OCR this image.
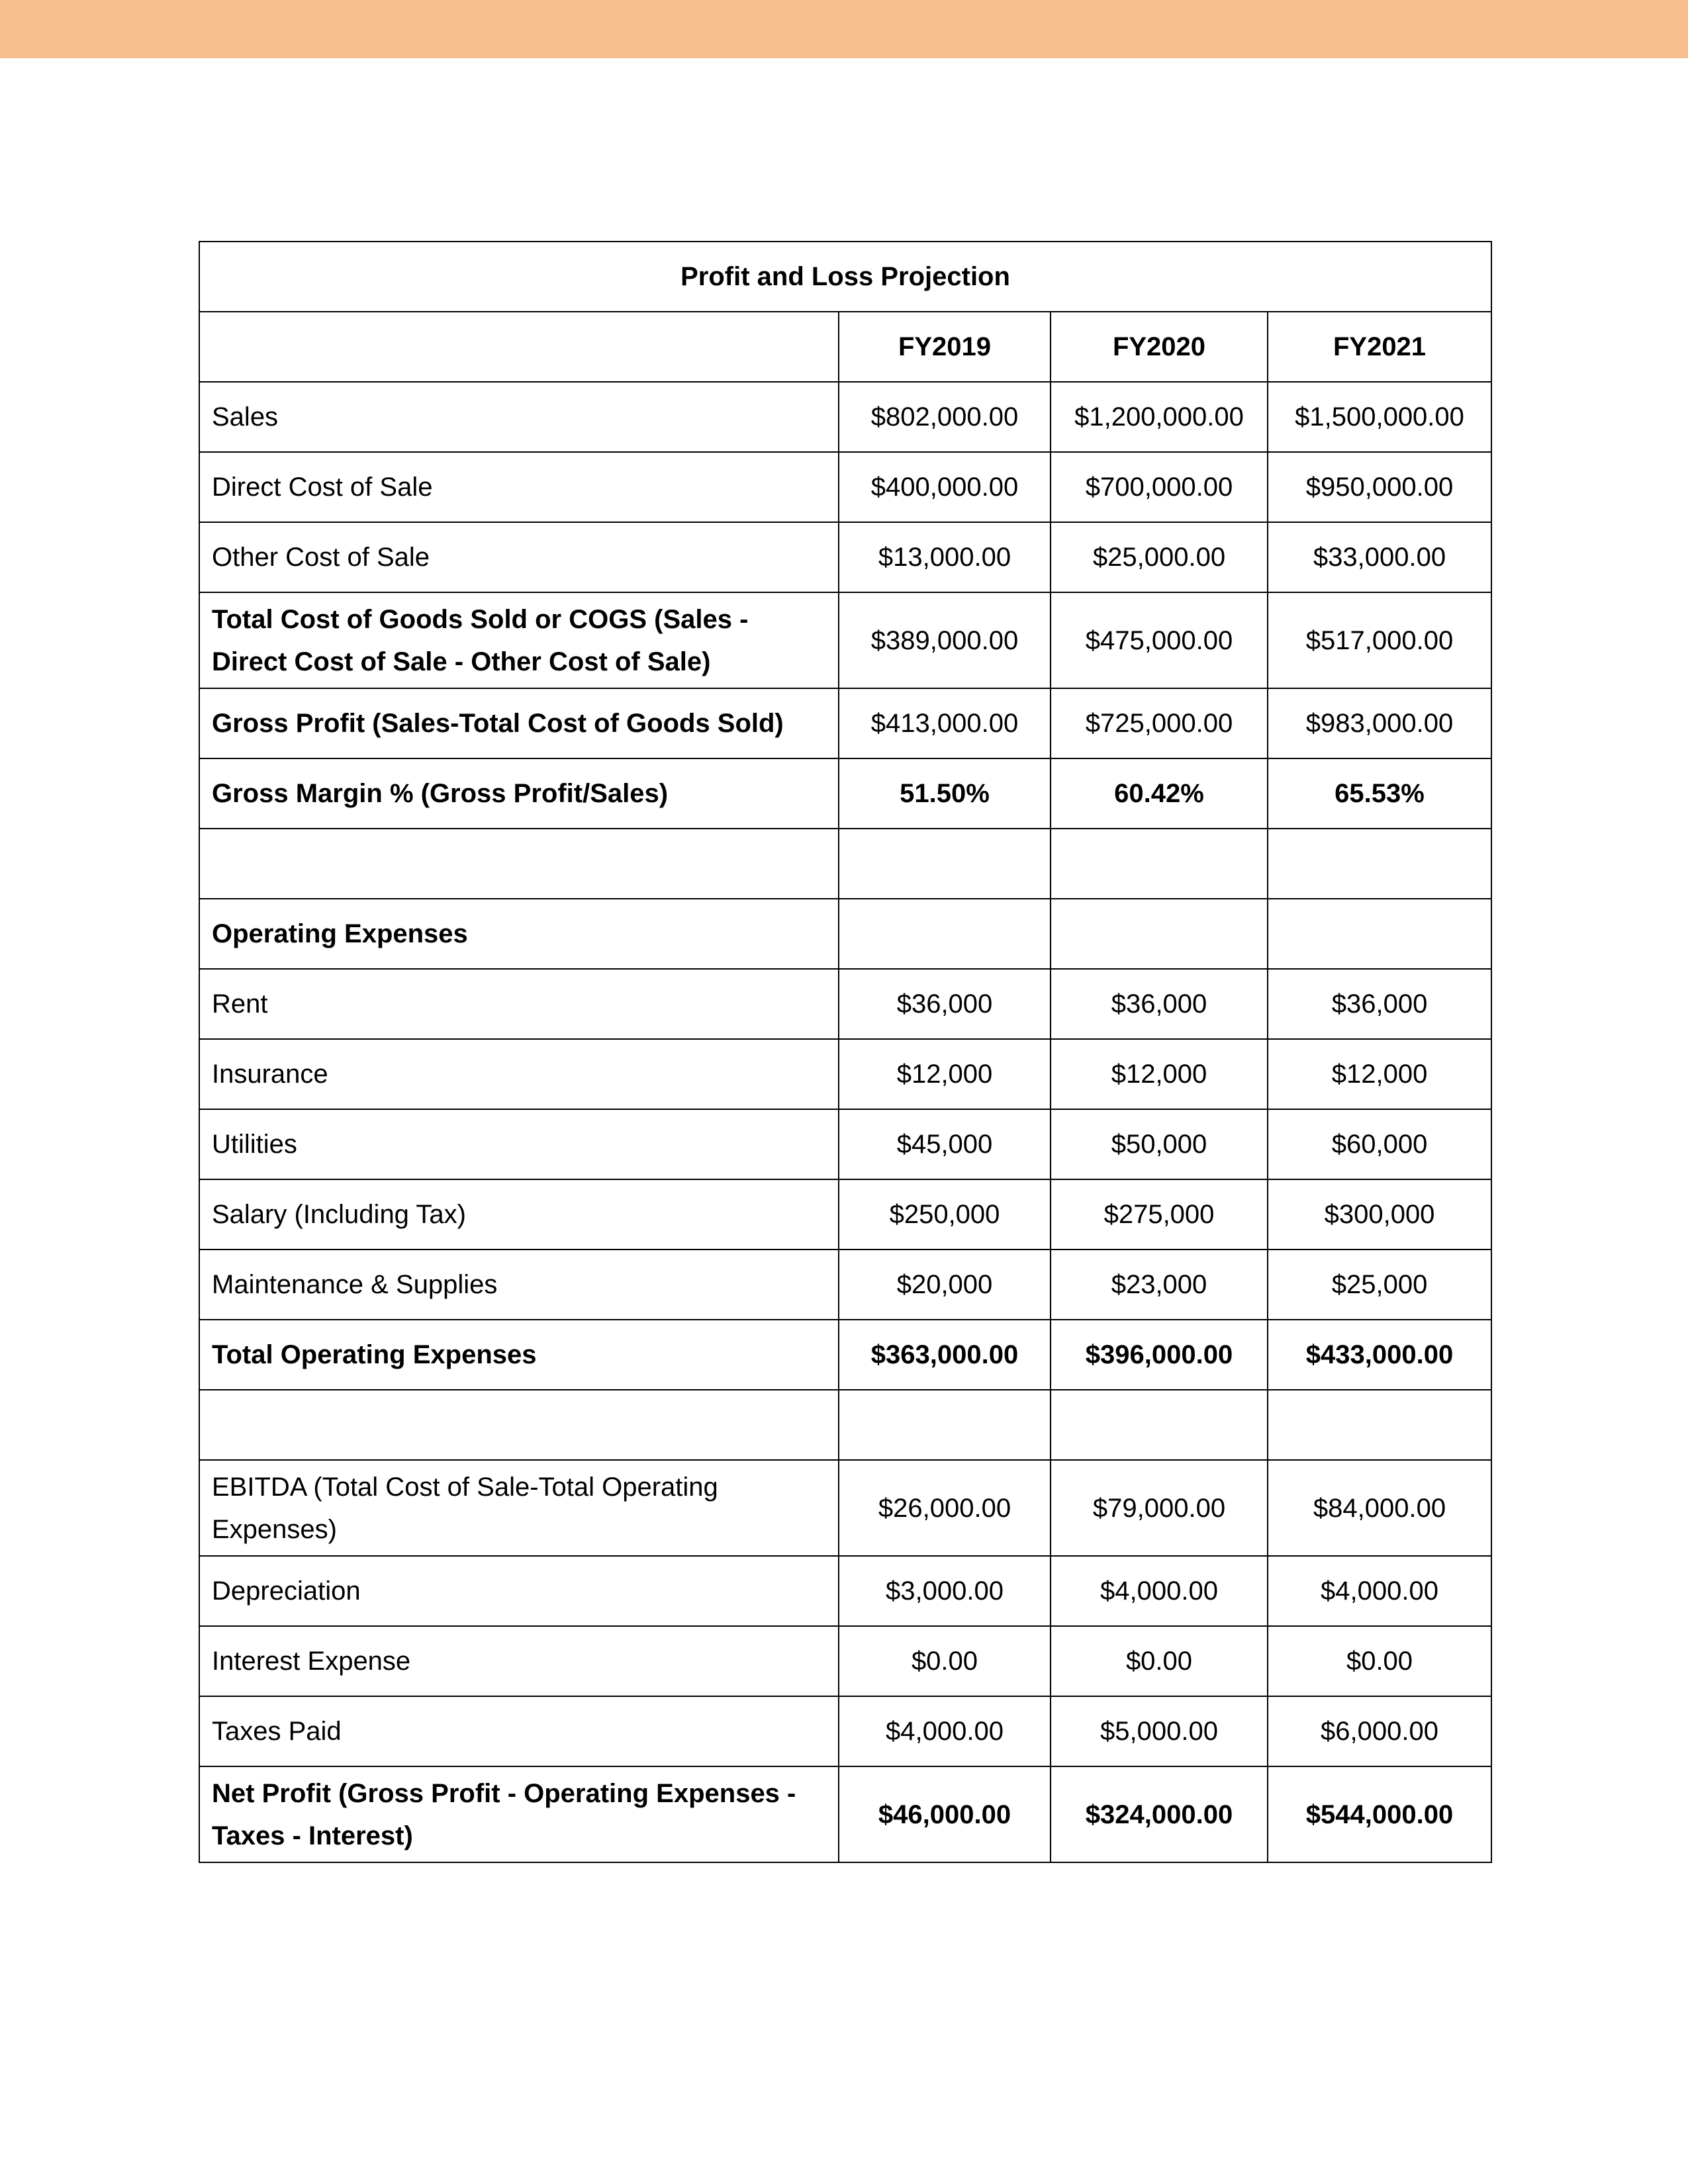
Profit and Loss Projection			
	FY2019	FY2020	FY2021
Sales	$802,000.00	$1,200,000.00	$1,500,000.00
Direct Cost of Sale	$400,000.00	$700,000.00	$950,000.00
Other Cost of Sale	$13,000.00	$25,000.00	$33,000.00
Total Cost of Goods Sold or COGS (Sales - Direct Cost of Sale - Other Cost of Sale)	$389,000.00	$475,000.00	$517,000.00
Gross Profit (Sales-Total Cost of Goods Sold)	$413,000.00	$725,000.00	$983,000.00
Gross Margin % (Gross Profit/Sales)	51.50%	60.42%	65.53%

Operating Expenses			
Rent	$36,000	$36,000	$36,000
Insurance	$12,000	$12,000	$12,000
Utilities	$45,000	$50,000	$60,000
Salary (Including Tax)	$250,000	$275,000	$300,000
Maintenance & Supplies	$20,000	$23,000	$25,000
Total Operating Expenses	$363,000.00	$396,000.00	$433,000.00

EBITDA (Total Cost of Sale-Total Operating Expenses)	$26,000.00	$79,000.00	$84,000.00
Depreciation	$3,000.00	$4,000.00	$4,000.00
Interest Expense	$0.00	$0.00	$0.00
Taxes Paid	$4,000.00	$5,000.00	$6,000.00
Net Profit (Gross Profit - Operating Expenses - Taxes - Interest)	$46,000.00	$324,000.00	$544,000.00
